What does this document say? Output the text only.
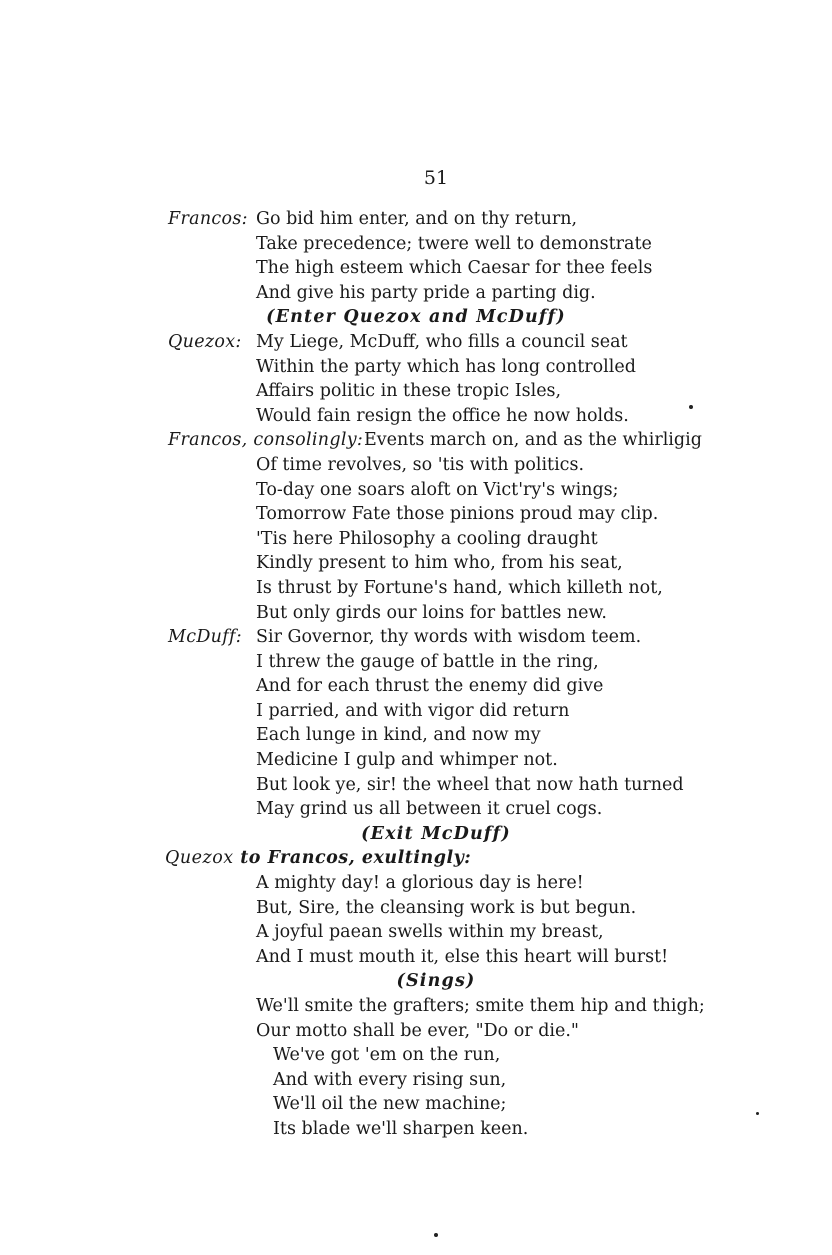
51
Francos: Go bid him enter, and on thy return,
Take precedence; twere well to demonstrate
The high esteem which Caesar for thee feels
And give his party pride a parting dig.
(Enter Quezox and McDuff)
Quezox: My Liege, McDuff, who fills a council seat
Within the party which has long controlled
Affairs politic in these tropic Isles,
Would fain resign the office he now holds.
Francos, consolingly: Events march on, and as the whirligig
Of time revolves, so 'tis with politics.
To-day one soars aloft on Vict'ry's wings;
Tomorrow Fate those pinions proud may clip.
'Tis here Philosophy a cooling draught
Kindly present to him who, from his seat,
Is thrust by Fortune's hand, which killeth not,
But only girds our loins for battles new.
McDuff: Sir Governor, thy words with wisdom teem.
I threw the gauge of battle in the ring,
And for each thrust the enemy did give
I parried, and with vigor did return
Each lunge in kind, and now my
Medicine I gulp and whimper not.
But look ye, sir! the wheel that now hath turned
May grind us all between it cruel cogs.
(Exit McDuff)
Quezox to Francos, exultingly:
A mighty day! a glorious day is here!
But, Sire, the cleansing work is but begun.
A joyful paean swells within my breast,
And I must mouth it, else this heart will burst!
(Sings)
We'll smite the grafters; smite them hip and thigh;
Our motto shall be ever, "Do or die."
We've got 'em on the run,
And with every rising sun,
We'll oil the new machine;
Its blade we'll sharpen keen.
